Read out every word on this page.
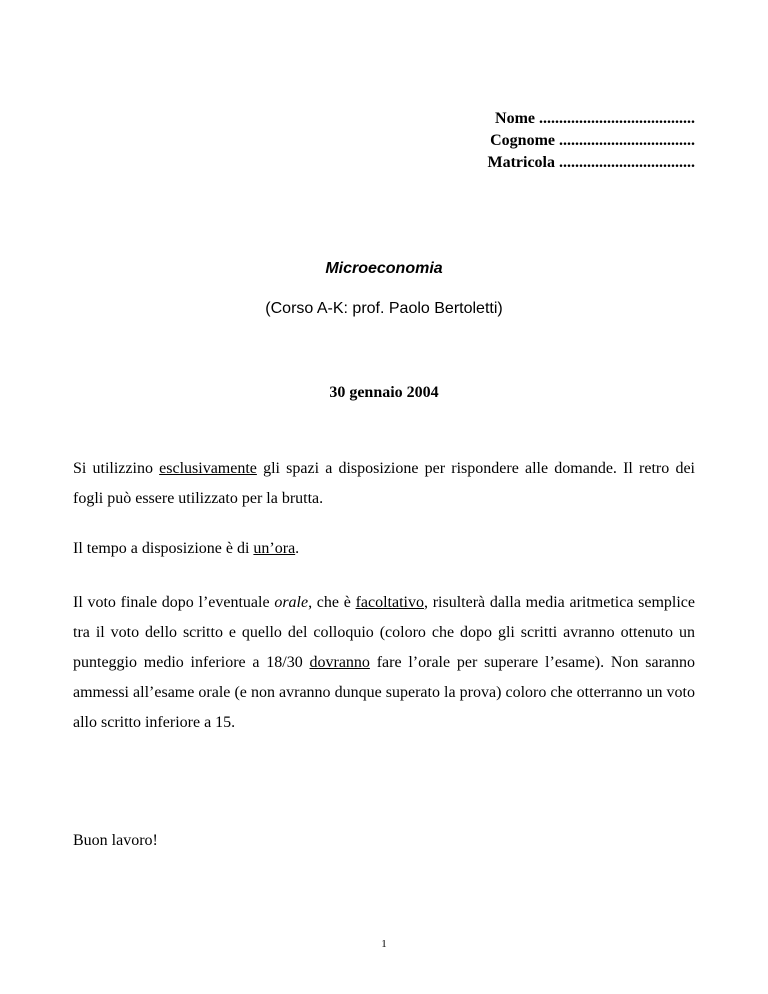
Nome .......................................
Cognome ..................................
Matricola ..................................
Microeconomia
(Corso A-K: prof. Paolo Bertoletti)
30 gennaio 2004
Si utilizzino esclusivamente gli spazi a disposizione per rispondere alle domande. Il retro dei fogli può essere utilizzato per la brutta.
Il tempo a disposizione è di un’ora.
Il voto finale dopo l’eventuale orale, che è facoltativo, risulterà dalla media aritmetica semplice tra il voto dello scritto e quello del colloquio (coloro che dopo gli scritti avranno ottenuto un punteggio medio inferiore a 18/30 dovranno fare l’orale per superare l’esame). Non saranno ammessi all’esame orale (e non avranno dunque superato la prova) coloro che otterranno un voto allo scritto inferiore a 15.
Buon lavoro!
1
